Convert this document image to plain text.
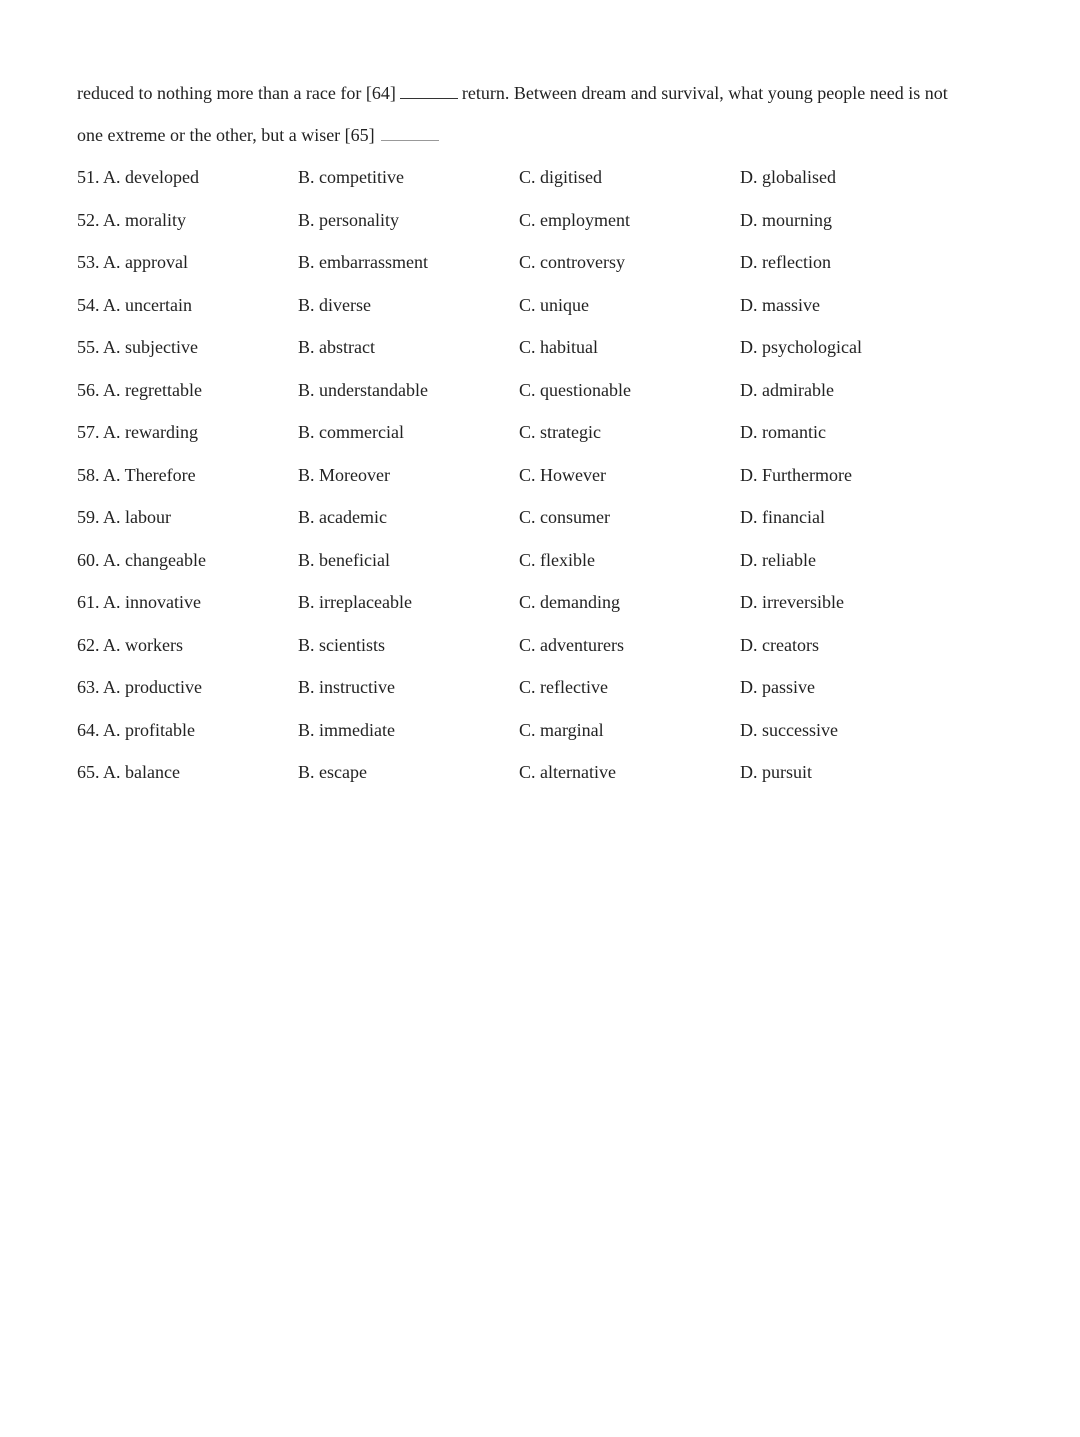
reduced to nothing more than a race for [64]	return. Between dream and survival, what young people need is not
one extreme or the other, but a wiser [65]
51. A. developed	B. competitive	C. digitised	D. globalised
52. A. morality	B. personality	C. employment	D. mourning
53. A. approval	B. embarrassment	C. controversy	D. reflection
54. A. uncertain	B. diverse	C. unique	D. massive
55. A. subjective	B. abstract	C. habitual	D. psychological
56. A. regrettable	B. understandable	C. questionable	D. admirable
57. A. rewarding	B. commercial	C. strategic	D. romantic
58. A. Therefore	B. Moreover	C. However	D. Furthermore
59. A. labour	B. academic	C. consumer	D. financial
60. A. changeable	B. beneficial	C. flexible	D. reliable
61. A. innovative	B. irreplaceable	C. demanding	D. irreversible
62. A. workers	B. scientists	C. adventurers	D. creators
63. A. productive	B. instructive	C. reflective	D. passive
64. A. profitable	B. immediate	C. marginal	D. successive
65. A. balance	B. escape	C. alternative	D. pursuit
